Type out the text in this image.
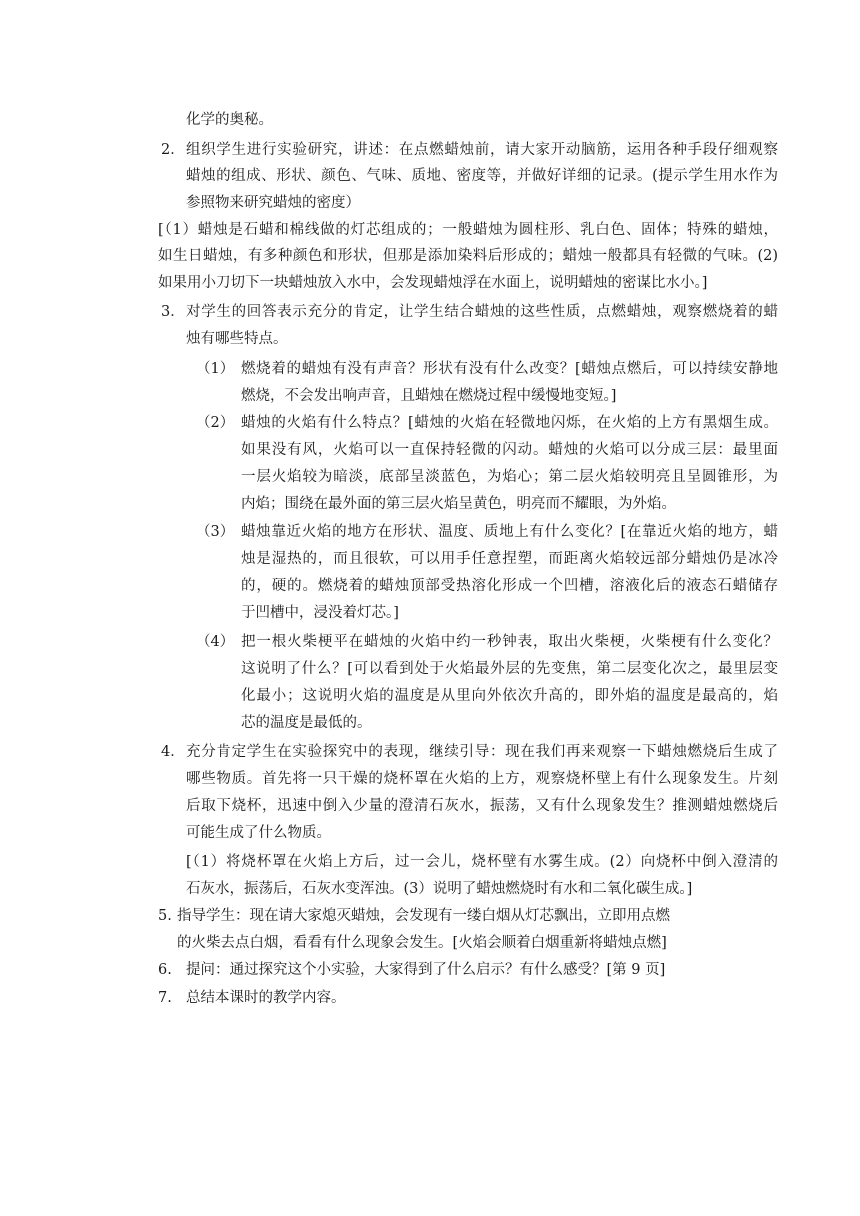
化学的奥秘。
2． 组织学生进行实验研究，讲述：在点燃蜡烛前，请大家开动脑筋，运用各种手段仔细观察
蜡烛的组成、形状、颜色、气味、质地、密度等，并做好详细的记录。(提示学生用水作为
参照物来研究蜡烛的密度）
[（1）蜡烛是石蜡和棉线做的灯芯组成的；一般蜡烛为圆柱形、乳白色、固体；特殊的蜡烛，
如生日蜡烛，有多种颜色和形状，但那是添加染料后形成的；蜡烛一般都具有轻微的气味。(2)
如果用小刀切下一块蜡烛放入水中，会发现蜡烛浮在水面上，说明蜡烛的密谋比水小。]
3． 对学生的回答表示充分的肯定，让学生结合蜡烛的这些性质，点燃蜡烛，观察燃烧着的蜡
烛有哪些特点。
（1） 燃烧着的蜡烛有没有声音？形状有没有什么改变？[蜡烛点燃后，可以持续安静地
燃烧，不会发出响声音，且蜡烛在燃烧过程中缓慢地变短。]
（2） 蜡烛的火焰有什么特点？[蜡烛的火焰在轻微地闪烁，在火焰的上方有黑烟生成。
如果没有风，火焰可以一直保持轻微的闪动。蜡烛的火焰可以分成三层：最里面
一层火焰较为暗淡，底部呈淡蓝色，为焰心；第二层火焰较明亮且呈圆锥形，为
内焰；围绕在最外面的第三层火焰呈黄色，明亮而不耀眼，为外焰。
（3） 蜡烛靠近火焰的地方在形状、温度、质地上有什么变化？[在靠近火焰的地方，蜡
烛是湿热的，而且很软，可以用手任意捏塑，而距离火焰较远部分蜡烛仍是冰冷
的，硬的。燃烧着的蜡烛顶部受热溶化形成一个凹槽，溶液化后的液态石蜡储存
于凹槽中，浸没着灯芯。]
（4） 把一根火柴梗平在蜡烛的火焰中约一秒钟表，取出火柴梗，火柴梗有什么变化？
这说明了什么？[可以看到处于火焰最外层的先变焦，第二层变化次之，最里层变
化最小；这说明火焰的温度是从里向外依次升高的，即外焰的温度是最高的，焰
芯的温度是最低的。
4． 充分肯定学生在实验探究中的表现，继续引导：现在我们再来观察一下蜡烛燃烧后生成了
哪些物质。首先将一只干燥的烧杯罩在火焰的上方，观察烧杯壁上有什么现象发生。片刻
后取下烧杯，迅速中倒入少量的澄清石灰水，振荡，又有什么现象发生？推测蜡烛燃烧后
可能生成了什么物质。
[（1）将烧杯罩在火焰上方后，过一会儿，烧杯壁有水雾生成。(2）向烧杯中倒入澄清的
石灰水，振荡后，石灰水变浑浊。(3）说明了蜡烛燃烧时有水和二氧化碳生成。]
5. 指导学生：现在请大家熄灭蜡烛，会发现有一缕白烟从灯芯飘出，立即用点燃
的火柴去点白烟，看看有什么现象会发生。[火焰会顺着白烟重新将蜡烛点燃]
6. 提问：通过探究这个小实验，大家得到了什么启示？有什么感受？[第 9 页]
7. 总结本课时的教学内容。
